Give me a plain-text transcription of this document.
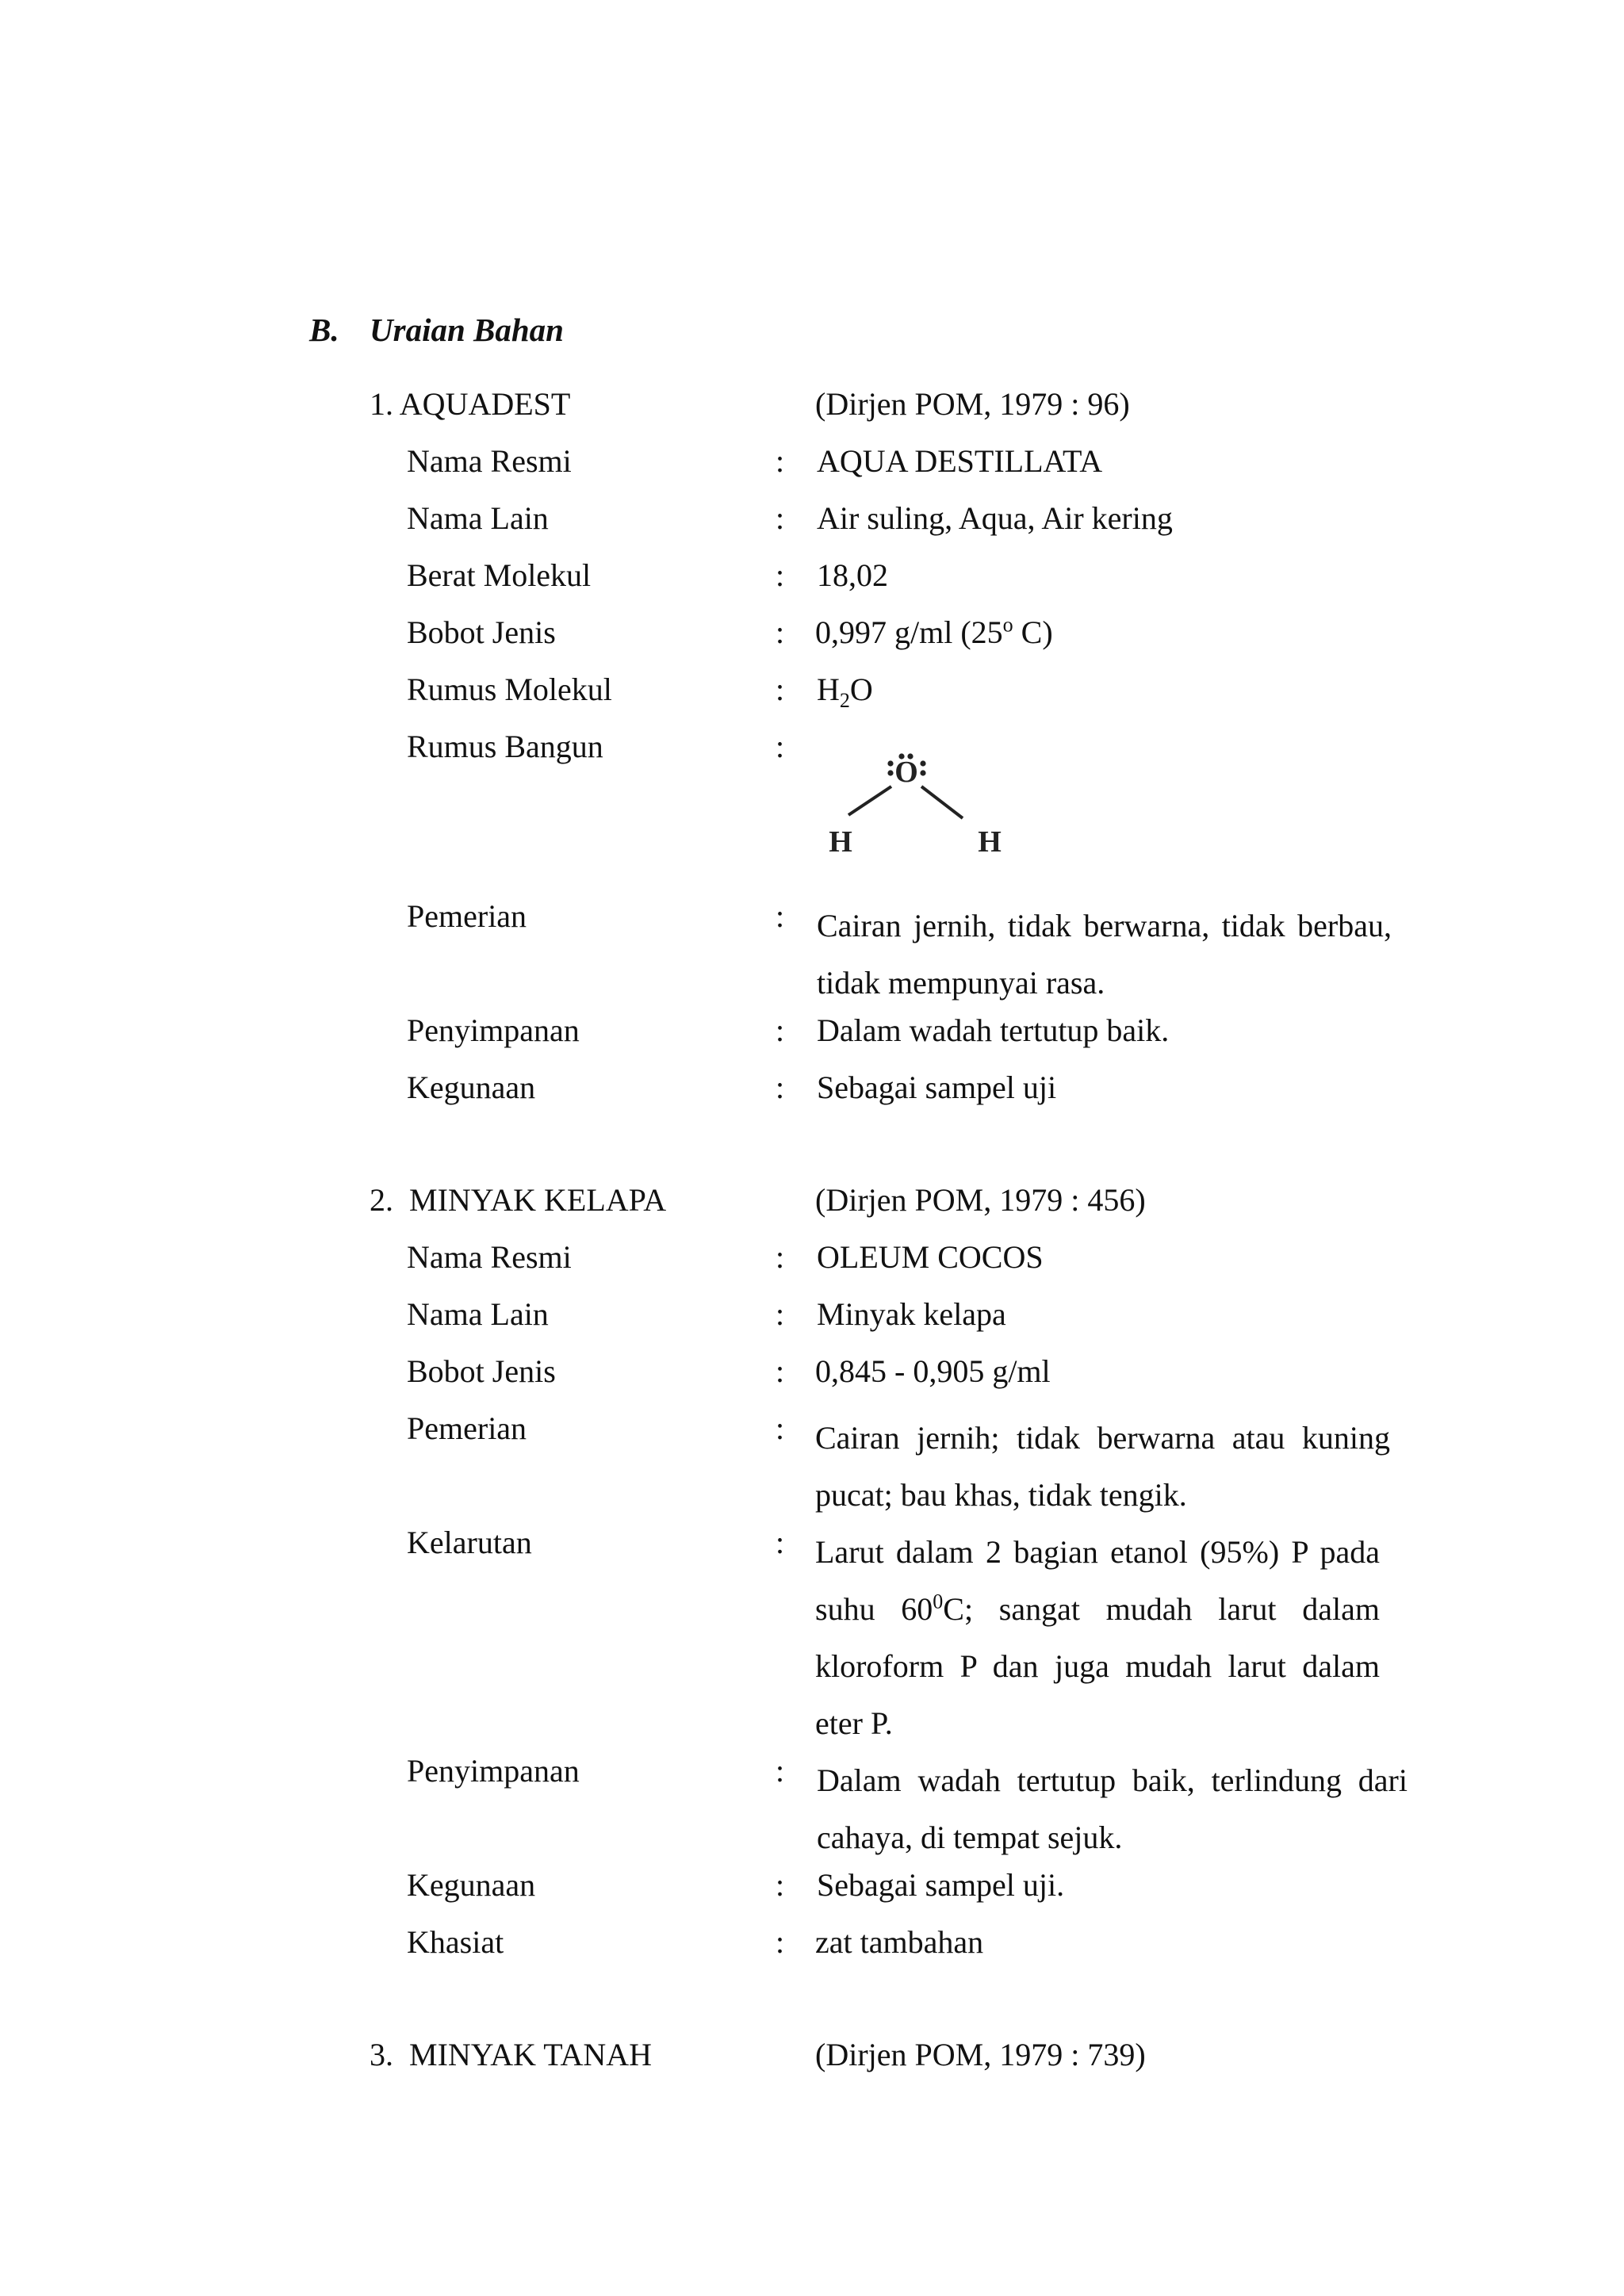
B. Uraian Bahan
1. AQUADEST	(Dirjen POM, 1979 : 96)
Nama Resmi	: AQUA DESTILLATA
Nama Lain	: Air suling, Aqua, Air kering
Berat Molekul	: 18,02
Bobot Jenis	: 0,997 g/ml (25$^o$ C)
Rumus Molekul	: $H_2O$
Rumus Bangun	:
O
H	H
Pemerian	: Cairan jernih, tidak berwarna, tidak berbau, tidak mempunyai rasa.
Penyimpanan	: Dalam wadah tertutup baik.
Kegunaan	: Sebagai sampel uji
2. MINYAK KELAPA	(Dirjen POM, 1979 : 456)
Nama Resmi	: OLEUM COCOS
Nama Lain	: Minyak kelapa
Bobot Jenis	: 0,845 - 0,905 g/ml
Pemerian	: Cairan jernih; tidak berwarna atau kuning pucat; bau khas, tidak tengik.
Kelarutan	: Larut dalam 2 bagian etanol (95%) P pada suhu $60^0C$; sangat mudah larut dalam kloroform P dan juga mudah larut dalam eter P.
Penyimpanan	: Dalam wadah tertutup baik, terlindung dari cahaya, di tempat sejuk.
Kegunaan	: Sebagai sampel uji.
Khasiat	: zat tambahan
3. MINYAK TANAH	(Dirjen POM, 1979 : 739)
